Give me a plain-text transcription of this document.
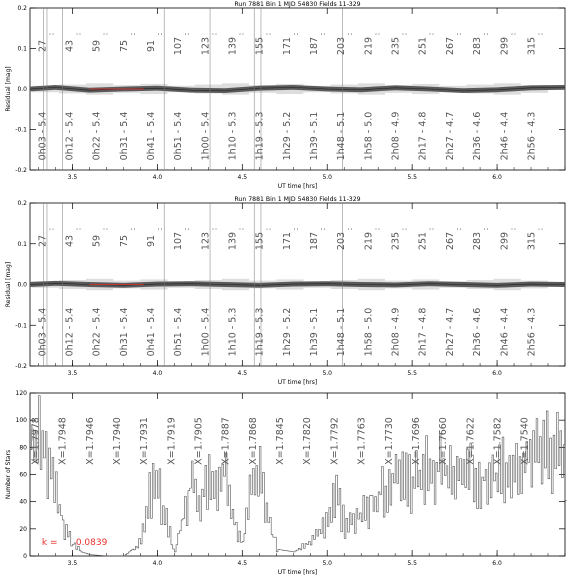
3.5	4.0	4.5	5.0	5.5	6.0
-0.2
-0.1
0.0
0.1
0.2
UT time [hrs]
Residual [mag]
Run 7881 Bin 1 MJD 54830 Fields 11-329
27
:
0h03 - 5.4
43
:
0h12 - 5.4
59
:
0h22 - 5.4
75
:
0h31 - 5.4
91
:
0h41 - 5.4
107
:
0h51 - 5.4
123
:
1h00 - 5.4
139
:
1h10 - 5.3
155
:
1h19 - 5.3
171
:
1h29 - 5.2
187
:
1h39 - 5.1
203
:
1h48 - 5.1
219
:
1h58 - 5.0
235
:
2h08 - 4.9
251
:
2h17 - 4.8
267
:
2h27 - 4.7
283
:
2h36 - 4.6
299
:
2h46 - 4.4
315
:
2h56 - 4.3
3.5	4.0	4.5	5.0	5.5	6.0
-0.2
-0.1
0.0
0.1
0.2
UT time [hrs]
Residual [mag]
Run 7881 Bin 1 MJD 54830 Fields 11-329
27
:
0h03 - 5.4
43
:
0h12 - 5.4
59
:
0h22 - 5.4
75
:
0h31 - 5.4
91
:
0h41 - 5.4
107
:
0h51 - 5.4
123
:
1h00 - 5.4
139
:
1h10 - 5.3
155
:
1h19 - 5.3
171
:
1h29 - 5.2
187
:
1h39 - 5.1
203
:
1h48 - 5.1
219
:
1h58 - 5.0
235
:
2h08 - 4.9
251
:
2h17 - 4.8
267
:
2h27 - 4.7
283
:
2h36 - 4.6
299
:
2h46 - 4.4
315
:
2h56 - 4.3
3.5	4.0	4.5	5.0	5.5	6.0
0
20
40
60
80
100
120
UT time [hrs]
Number of Stars
X=1.7978 X=1.7948 X=1.7946 X=1.7940 X=1.7931 X=1.7919 X=1.7905 X=1.7887 X=1.7868 X=1.7845 X=1.7820 X=1.7792 X=1.7763 X=1.7730 X=1.7696 X=1.7660 X=1.7622 X=1.7582 X=1.7540
k = 0.0839
